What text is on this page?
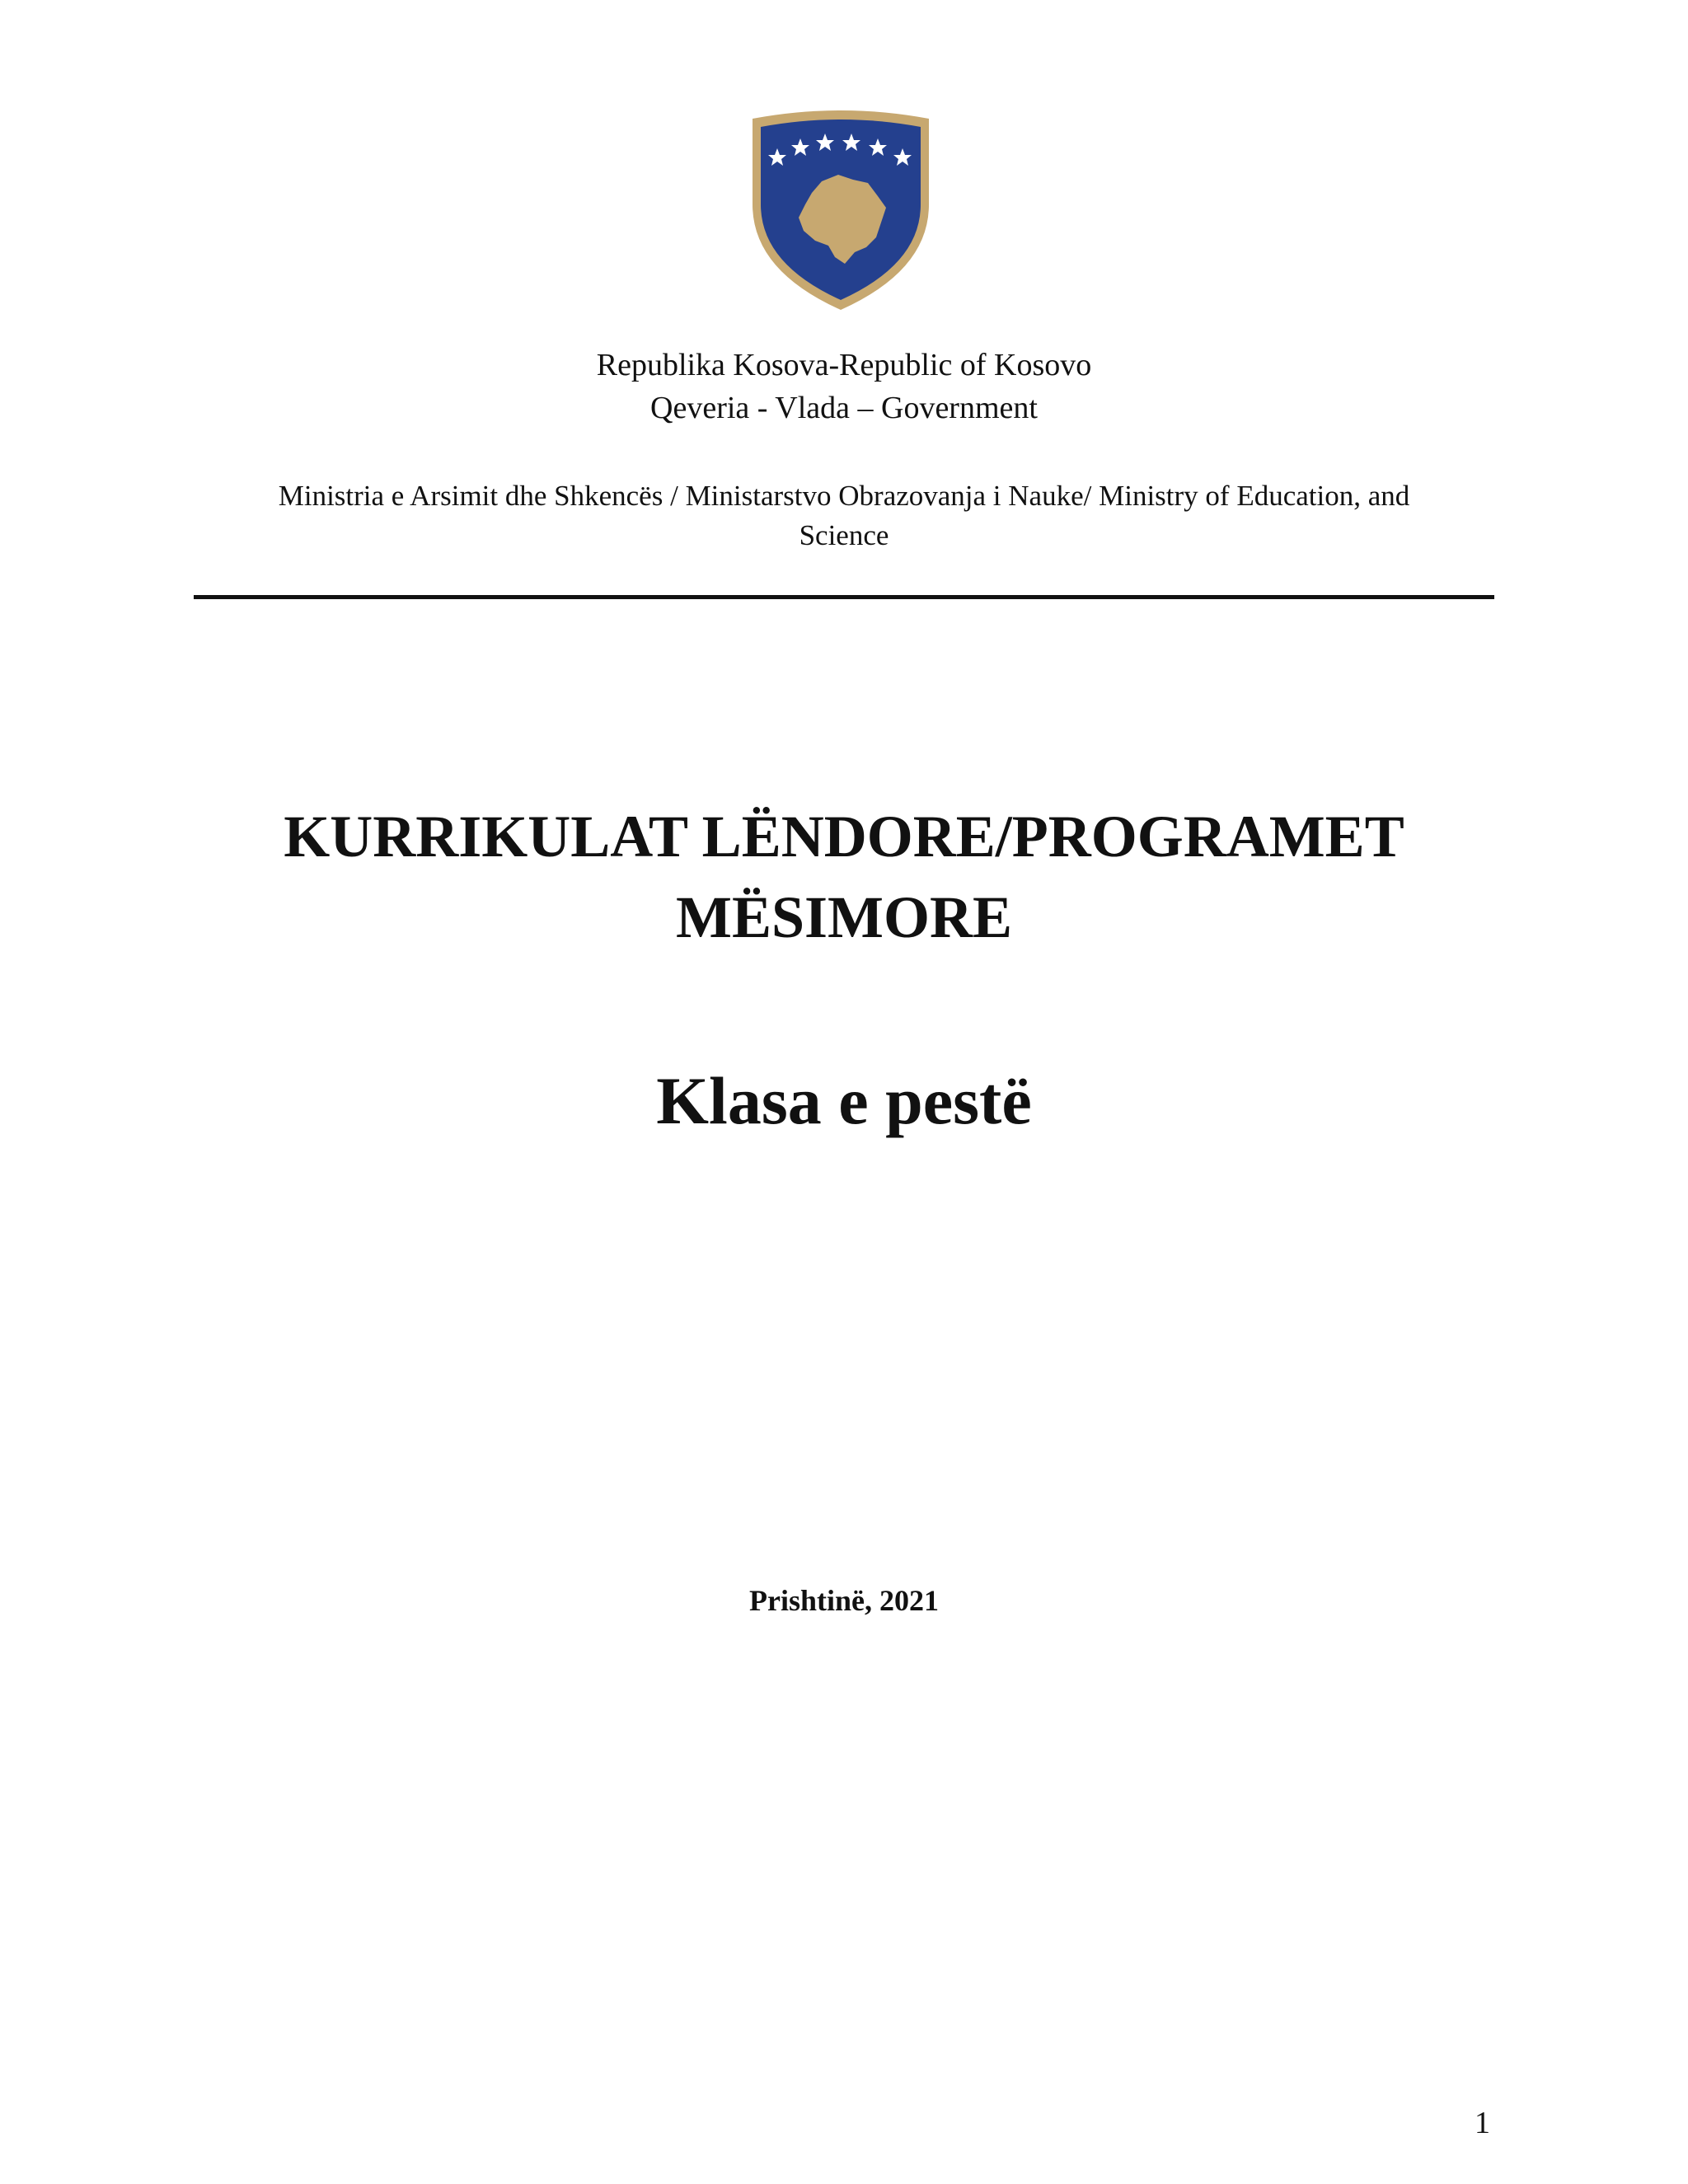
Republika Kosova-Republic of Kosovo
Qeveria - Vlada – Government
Ministria e Arsimit dhe Shkencës / Ministarstvo Obrazovanja i Nauke/ Ministry of Education, and
Science
KURRIKULAT LËNDORE/PROGRAMET
MËSIMORE
Klasa e pestë
Prishtinë, 2021
1
